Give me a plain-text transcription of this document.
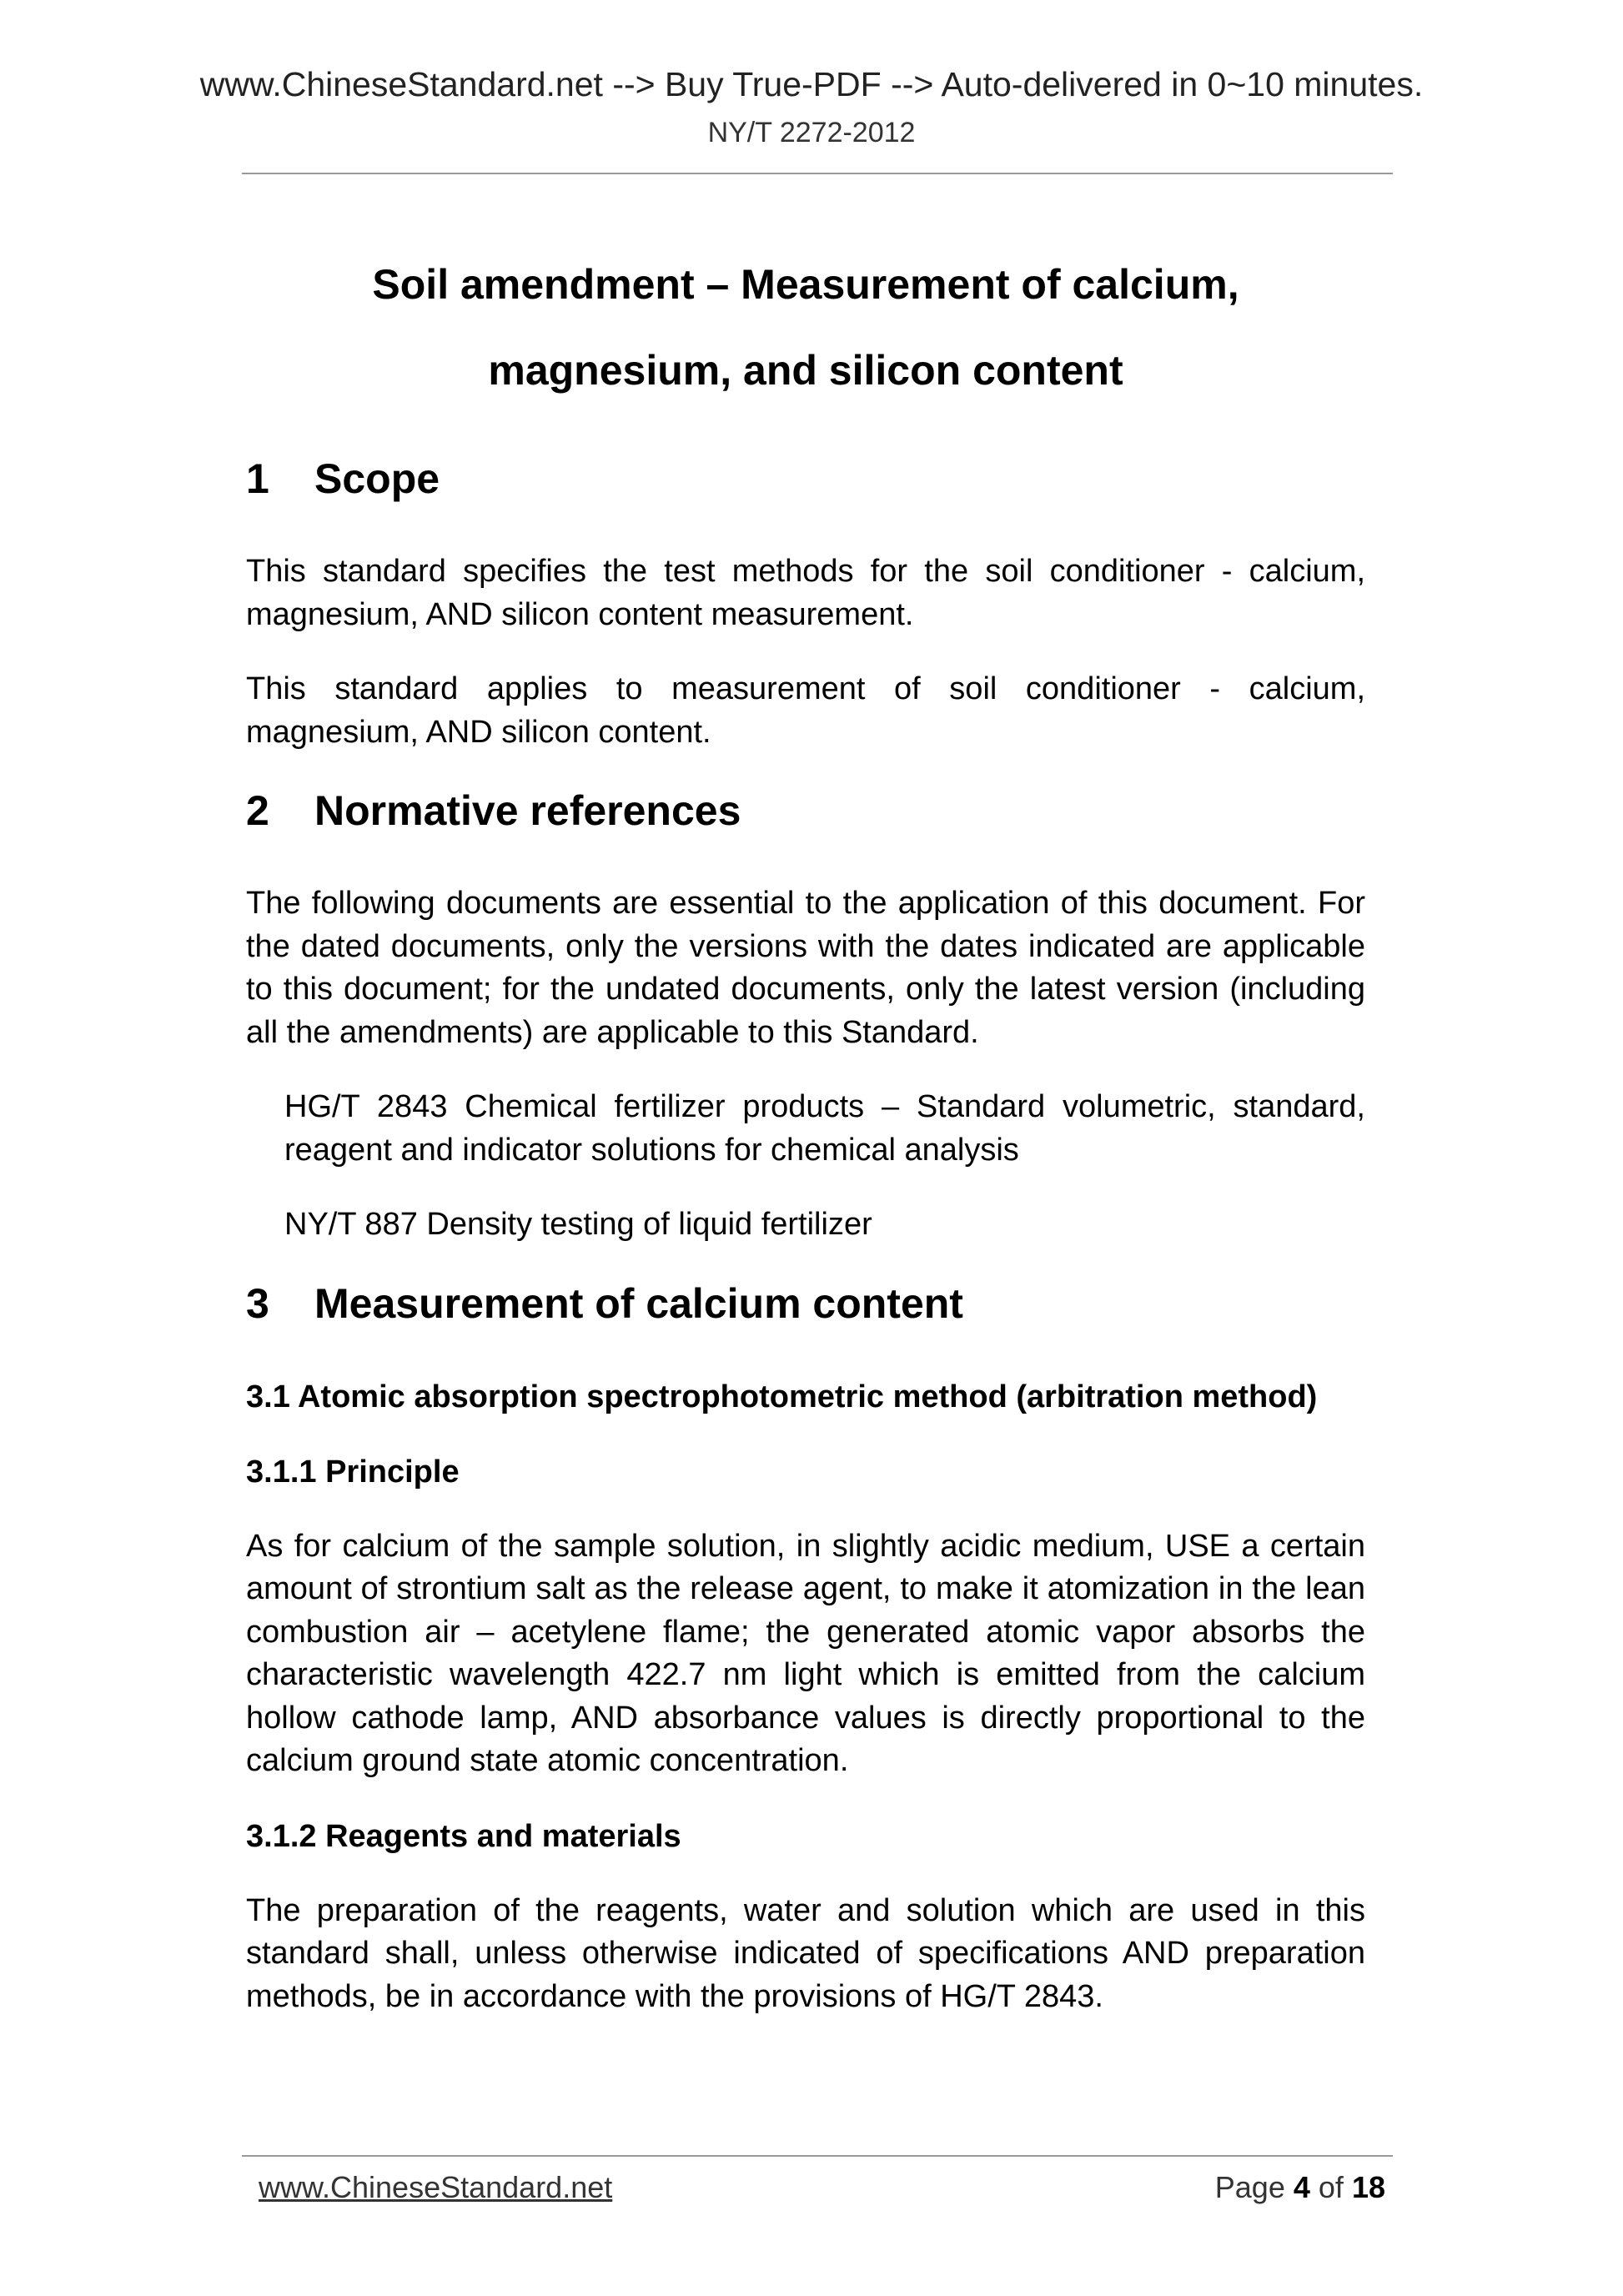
www.ChineseStandard.net --> Buy True-PDF --> Auto-delivered in 0~10 minutes.
NY/T 2272-2012
Soil amendment – Measurement of calcium,
magnesium, and silicon content
1	Scope

This standard specifies the test methods for the soil conditioner - calcium, magnesium, AND silicon content measurement.

This standard applies to measurement of soil conditioner - calcium, magnesium, AND silicon content.

2	Normative references

The following documents are essential to the application of this document. For the dated documents, only the versions with the dates indicated are applicable to this document; for the undated documents, only the latest version (including all the amendments) are applicable to this Standard.

HG/T 2843 Chemical fertilizer products – Standard volumetric, standard, reagent and indicator solutions for chemical analysis

NY/T 887 Density testing of liquid fertilizer

3	Measurement of calcium content
3.1 Atomic absorption spectrophotometric method (arbitration method)
3.1.1 Principle

As for calcium of the sample solution, in slightly acidic medium, USE a certain amount of strontium salt as the release agent, to make it atomization in the lean combustion air – acetylene flame; the generated atomic vapor absorbs the characteristic wavelength 422.7 nm light which is emitted from the calcium hollow cathode lamp, AND absorbance values is directly proportional to the calcium ground state atomic concentration.

3.1.2 Reagents and materials

The preparation of the reagents, water and solution which are used in this standard shall, unless otherwise indicated of specifications AND preparation methods, be in accordance with the provisions of HG/T 2843.

www.ChineseStandard.net	Page 4 of 18
